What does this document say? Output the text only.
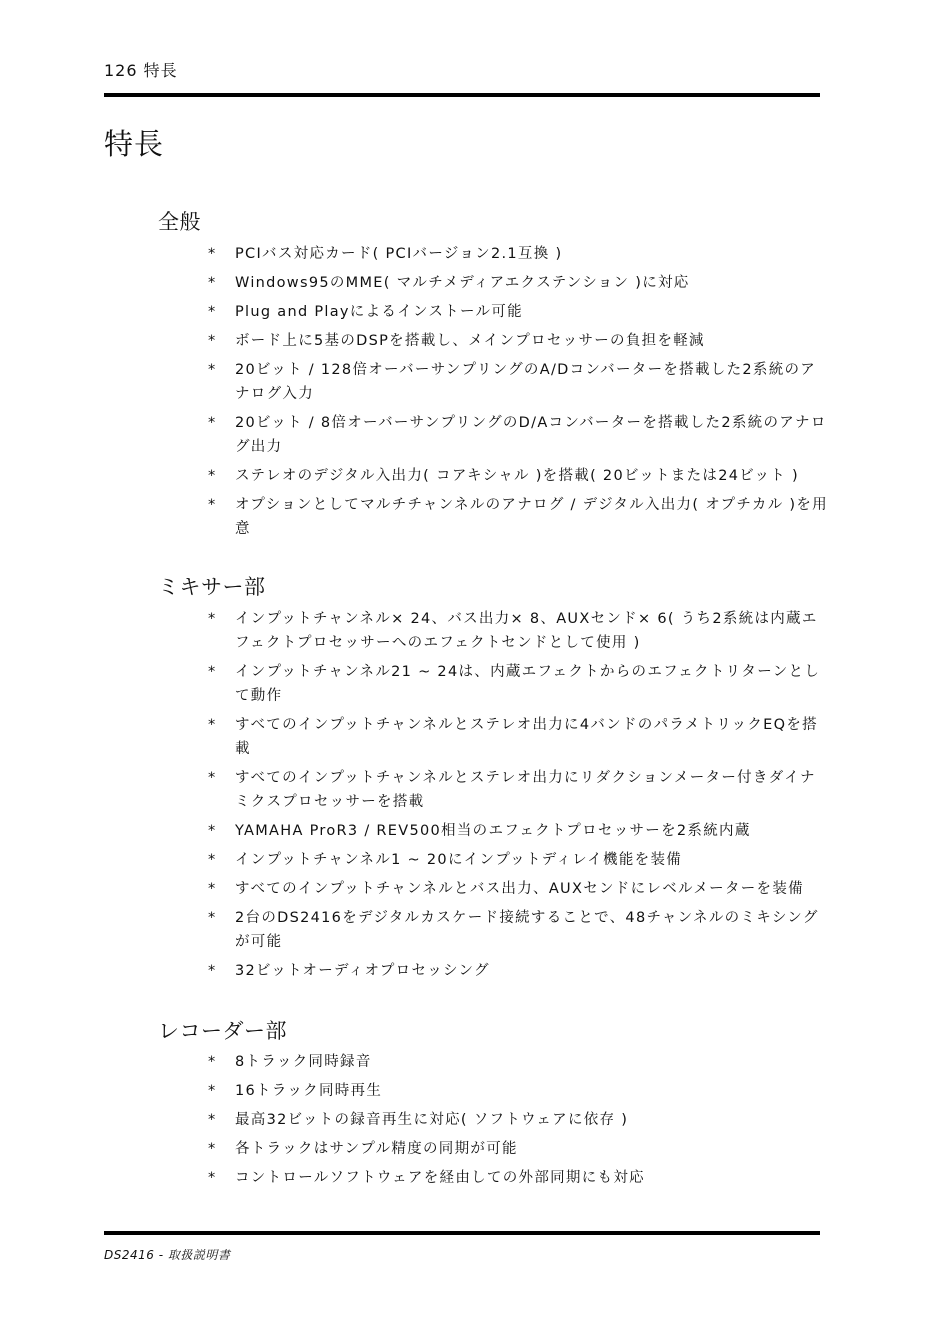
126 特長
特長
全般
*	PCIバス対応カード( PCIバージョン2.1互換 )
*	Windows95のMME( マルチメディアエクステンション )に対応
*	Plug and Playによるインストール可能
*	ボード上に5基のDSPを搭載し、メインプロセッサーの負担を軽減
*	20ビット / 128倍オーバーサンプリングのA/Dコンバーターを搭載した2系統のアナログ入力
*	20ビット / 8倍オーバーサンプリングのD/Aコンバーターを搭載した2系統のアナログ出力
*	ステレオのデジタル入出力( コアキシャル )を搭載( 20ビットまたは24ビット )
*	オプションとしてマルチチャンネルのアナログ / デジタル入出力( オプチカル )を用意
ミキサー部
*	インプットチャンネル× 24、バス出力× 8、AUXセンド× 6( うち2系統は内蔵エフェクトプロセッサーへのエフェクトセンドとして使用 )
*	インプットチャンネル21 ~ 24は、内蔵エフェクトからのエフェクトリターンとして動作
*	すべてのインプットチャンネルとステレオ出力に4バンドのパラメトリックEQを搭載
*	すべてのインプットチャンネルとステレオ出力にリダクションメーター付きダイナミクスプロセッサーを搭載
*	YAMAHA ProR3 / REV500相当のエフェクトプロセッサーを2系統内蔵
*	インプットチャンネル1 ~ 20にインプットディレイ機能を装備
*	すべてのインプットチャンネルとバス出力、AUXセンドにレベルメーターを装備
*	2台のDS2416をデジタルカスケード接続することで、48チャンネルのミキシングが可能
*	32ビットオーディオプロセッシング
レコーダー部
*	8トラック同時録音
*	16トラック同時再生
*	最高32ビットの録音再生に対応( ソフトウェアに依存 )
*	各トラックはサンプル精度の同期が可能
*	コントロールソフトウェアを経由しての外部同期にも対応
DS2416 - 取扱説明書
